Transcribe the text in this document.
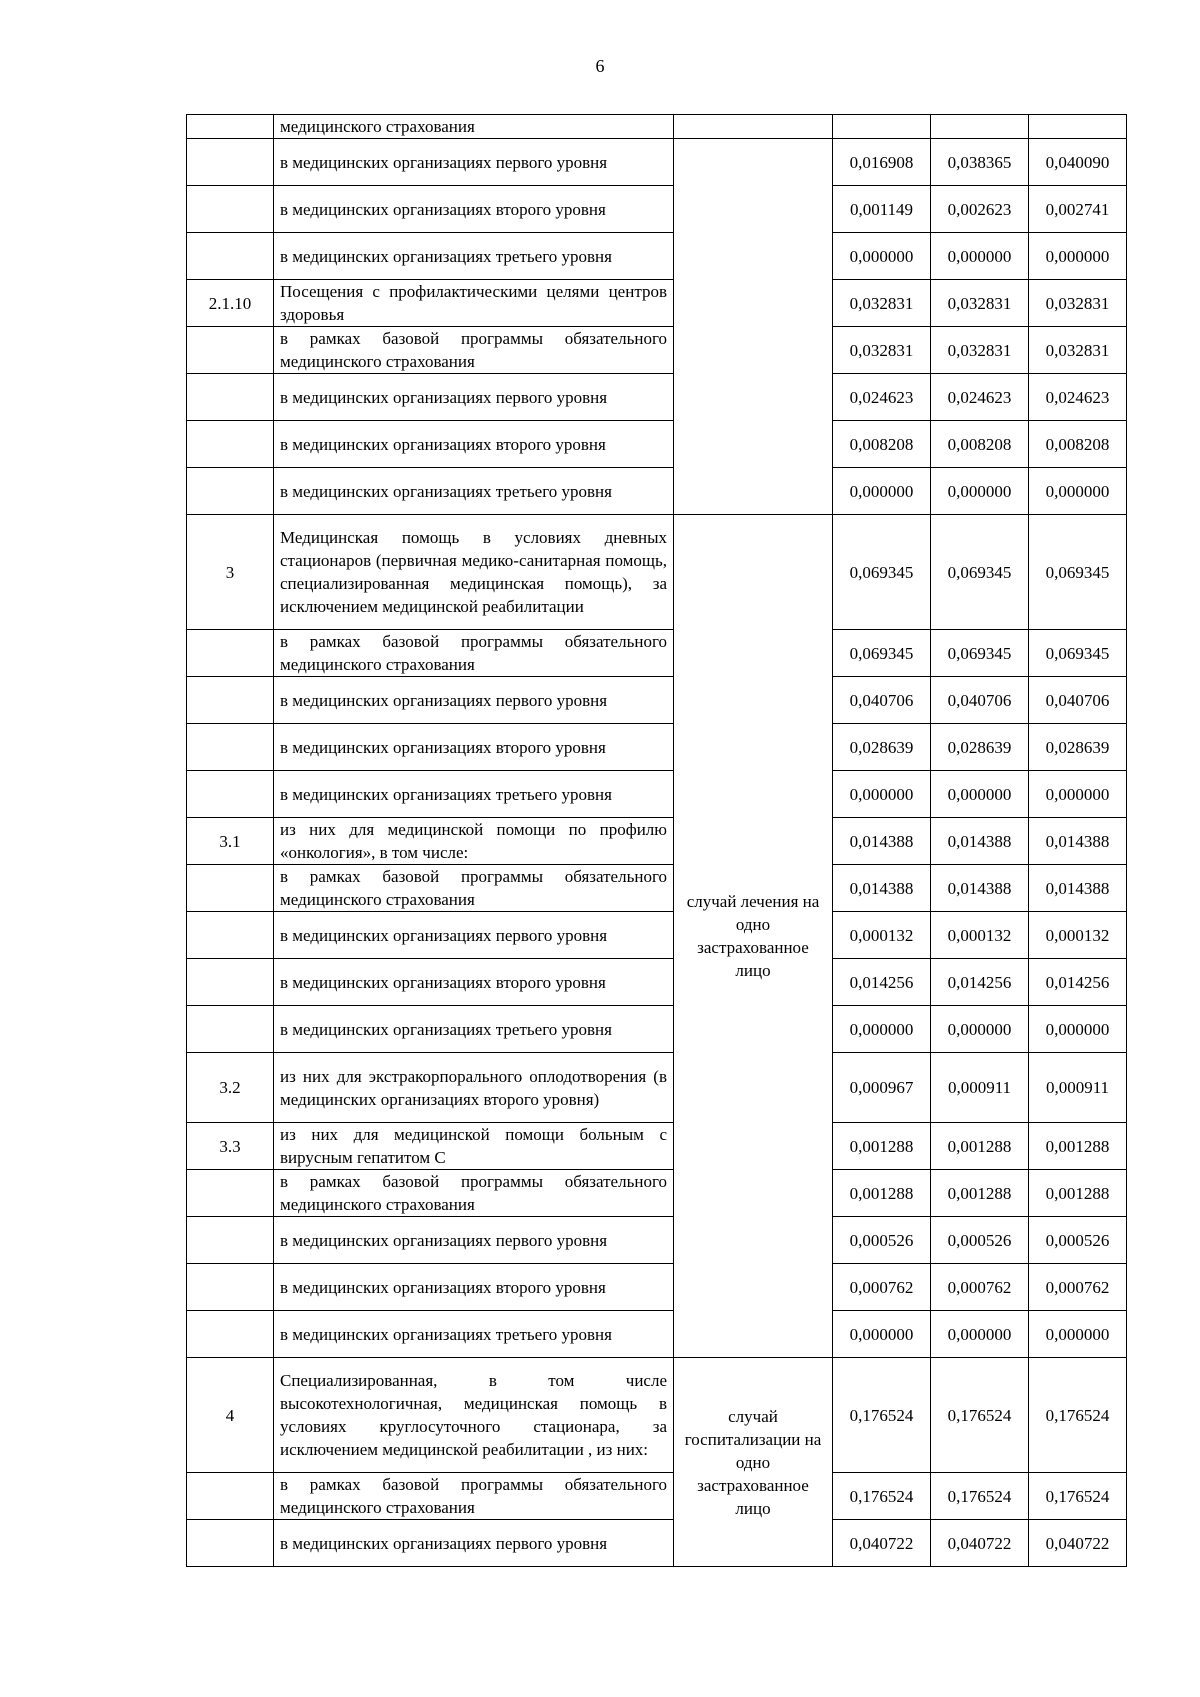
6
	медицинского страхования				
	в медицинских организациях первого уровня		0,016908	0,038365	0,040090
	в медицинских организациях второго уровня		0,001149	0,002623	0,002741
	в медицинских организациях третьего уровня		0,000000	0,000000	0,000000
2.1.10	Посещения с профилактическими целями центров здоровья		0,032831	0,032831	0,032831
	в рамках базовой программы обязательного медицинского страхования		0,032831	0,032831	0,032831
	в медицинских организациях первого уровня		0,024623	0,024623	0,024623
	в медицинских организациях второго уровня		0,008208	0,008208	0,008208
	в медицинских организациях третьего уровня		0,000000	0,000000	0,000000
3	Медицинская помощь в условиях дневных стационаров (первичная медико-санитарная помощь, специализированная медицинская помощь), за исключением медицинской реабилитации	случай лечения на одно застрахованное лицо	0,069345	0,069345	0,069345
	в рамках базовой программы обязательного медицинского страхования		0,069345	0,069345	0,069345
	в медицинских организациях первого уровня		0,040706	0,040706	0,040706
	в медицинских организациях второго уровня		0,028639	0,028639	0,028639
	в медицинских организациях третьего уровня		0,000000	0,000000	0,000000
3.1	из них для медицинской помощи по профилю «онкология», в том числе:		0,014388	0,014388	0,014388
	в рамках базовой программы обязательного медицинского страхования		0,014388	0,014388	0,014388
	в медицинских организациях первого уровня		0,000132	0,000132	0,000132
	в медицинских организациях второго уровня		0,014256	0,014256	0,014256
	в медицинских организациях третьего уровня		0,000000	0,000000	0,000000
3.2	из них для экстракорпорального оплодотворения (в медицинских организациях второго уровня)		0,000967	0,000911	0,000911
3.3	из них для медицинской помощи больным с вирусным гепатитом С		0,001288	0,001288	0,001288
	в рамках базовой программы обязательного медицинского страхования		0,001288	0,001288	0,001288
	в медицинских организациях первого уровня		0,000526	0,000526	0,000526
	в медицинских организациях второго уровня		0,000762	0,000762	0,000762
	в медицинских организациях третьего уровня		0,000000	0,000000	0,000000
4	Специализированная, в том числе высокотехнологичная, медицинская помощь в условиях круглосуточного стационара, за исключением медицинской реабилитации , из них:	случай госпитализации на одно застрахованное лицо	0,176524	0,176524	0,176524
	в рамках базовой программы обязательного медицинского страхования		0,176524	0,176524	0,176524
	в медицинских организациях первого уровня		0,040722	0,040722	0,040722
